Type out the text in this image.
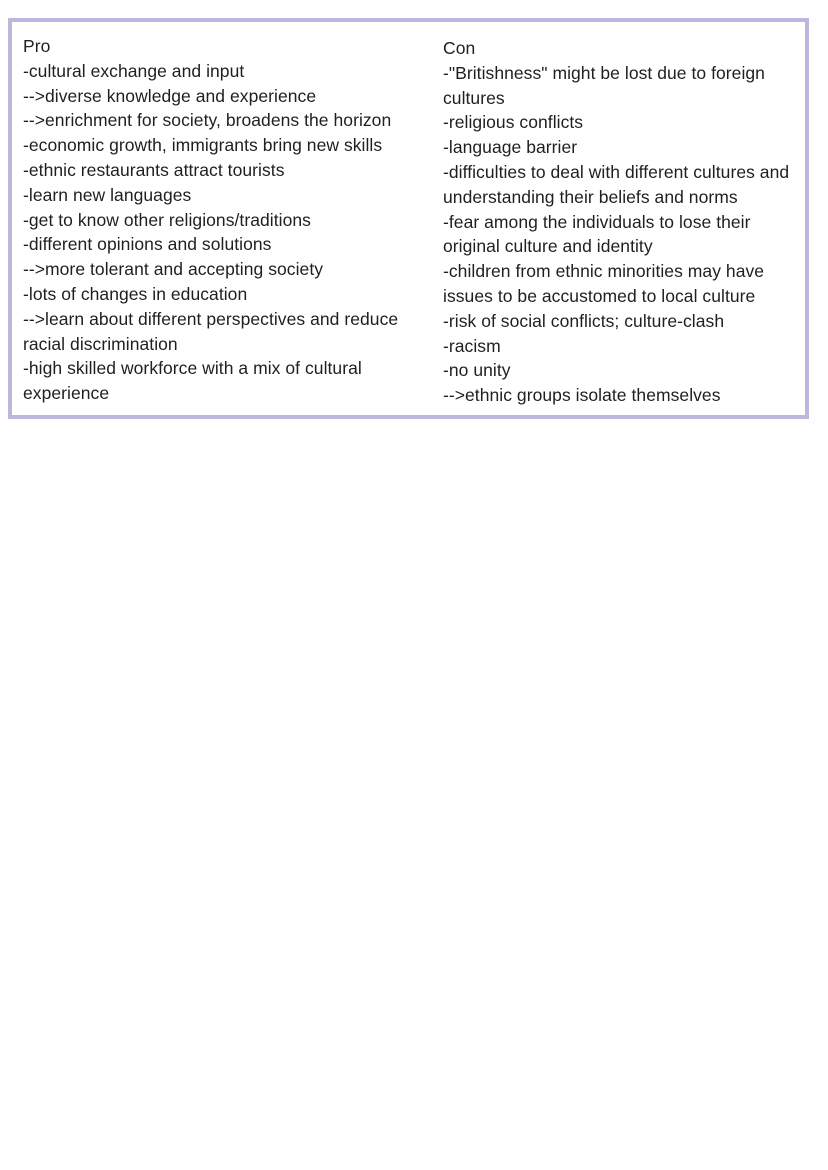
Pro
-cultural exchange and input
-->diverse knowledge and experience
-->enrichment for society, broadens the horizon
-economic growth, immigrants bring new skills
-ethnic restaurants attract tourists
-learn new languages
-get to know other religions/traditions
-different opinions and solutions
-->more tolerant and accepting society
-lots of changes in education
-->learn about different perspectives and reduce racial discrimination
-high skilled workforce with a mix of cultural experience
Con
-"Britishness" might be lost due to foreign cultures
-religious conflicts
-language barrier
-difficulties to deal with different cultures and understanding their beliefs and norms
-fear among the individuals to lose their original culture and identity
-children from ethnic minorities may have issues to be accustomed to local culture
-risk of social conflicts; culture-clash
-racism
-no unity
-->ethnic groups isolate themselves
